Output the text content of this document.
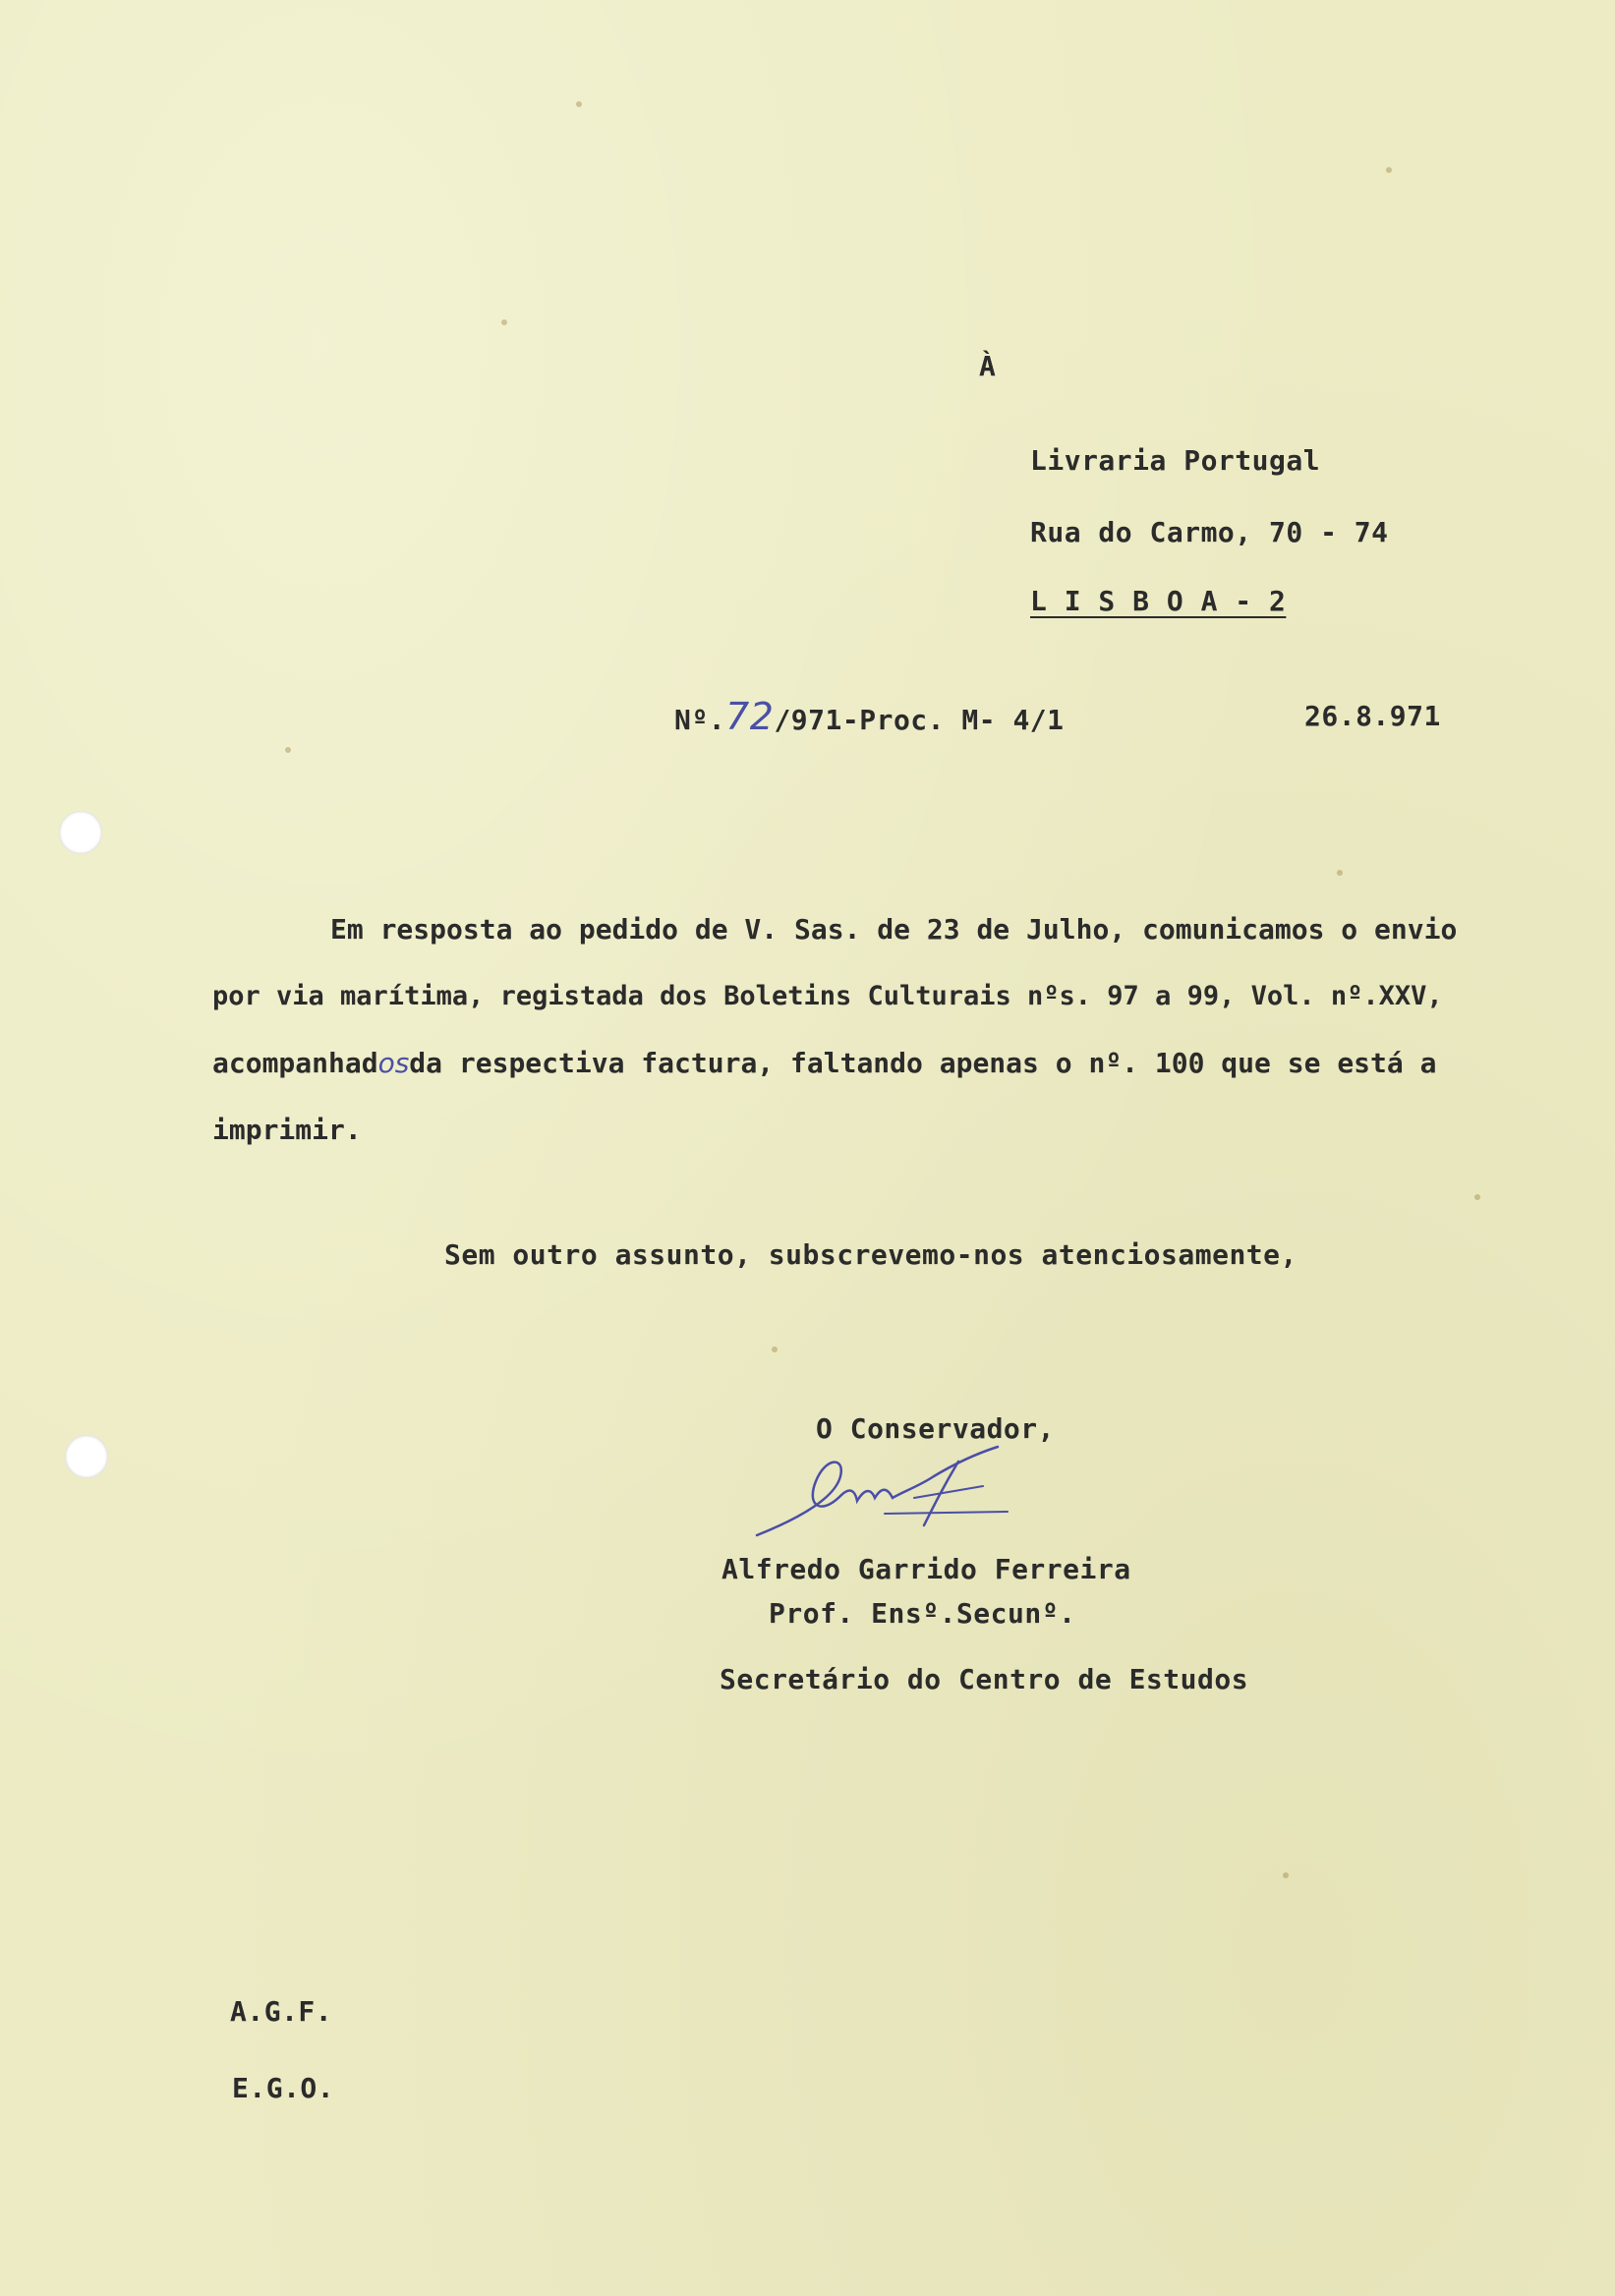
À
Livraria Portugal
Rua do Carmo, 70 - 74
L I S B O A - 2
Nº.72/971-Proc. M- 4/1	26.8.971
Em resposta ao pedido de V. Sas. de 23 de Julho, comunicamos o envio
por via marítima, registada dos Boletins Culturais nºs. 97 a 99, Vol. nº.XXV,
acompanhadosda respectiva factura, faltando apenas o nº. 100 que se está a
imprimir.
Sem outro assunto, subscrevemo-nos atenciosamente,
O Conservador,
Alfredo Garrido Ferreira
Prof. Ensº.Secunº.
Secretário do Centro de Estudos
A.G.F.
E.G.O.
